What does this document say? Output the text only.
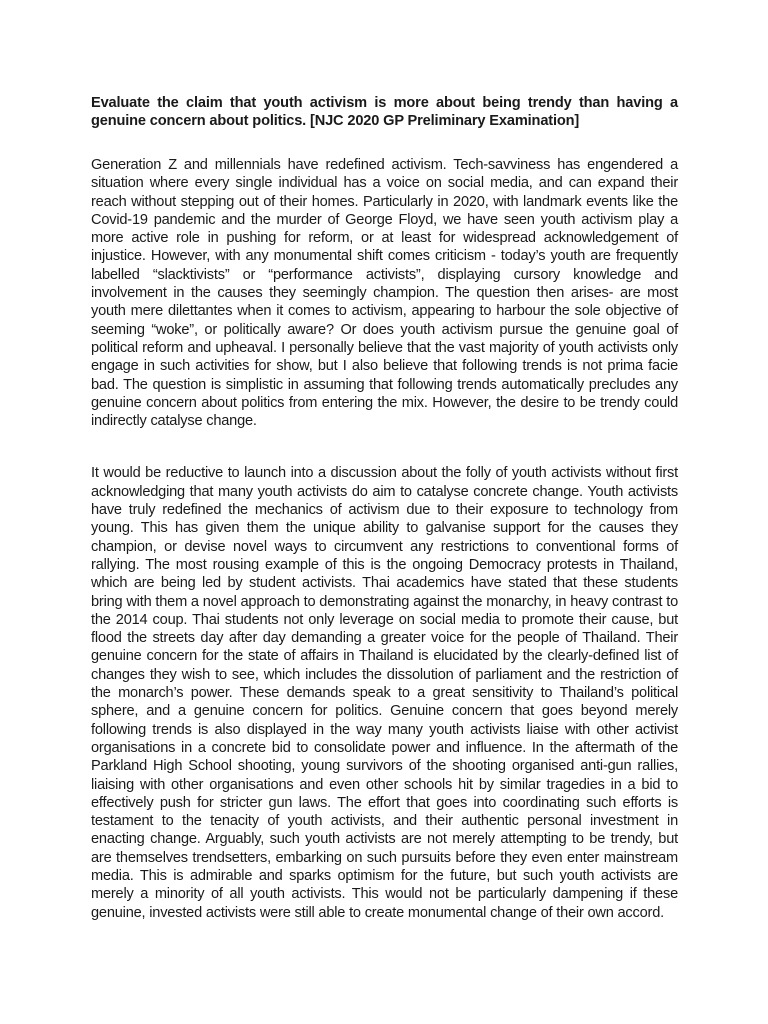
Evaluate the claim that youth activism is more about being trendy than having a genuine concern about politics. [NJC 2020 GP Preliminary Examination]

Generation Z and millennials have redefined activism. Tech-savviness has engendered a situation where every single individual has a voice on social media, and can expand their reach without stepping out of their homes. Particularly in 2020, with landmark events like the Covid-19 pandemic and the murder of George Floyd, we have seen youth activism play a more active role in pushing for reform, or at least for widespread acknowledgement of injustice. However, with any monumental shift comes criticism - today’s youth are frequently labelled “slacktivists” or “performance activists”, displaying cursory knowledge and involvement in the causes they seemingly champion. The question then arises- are most youth mere dilettantes when it comes to activism, appearing to harbour the sole objective of seeming “woke”, or politically aware? Or does youth activism pursue the genuine goal of political reform and upheaval. I personally believe that the vast majority of youth activists only engage in such activities for show, but I also believe that following trends is not prima facie bad. The question is simplistic in assuming that following trends automatically precludes any genuine concern about politics from entering the mix. However, the desire to be trendy could indirectly catalyse change.

It would be reductive to launch into a discussion about the folly of youth activists without first acknowledging that many youth activists do aim to catalyse concrete change. Youth activists have truly redefined the mechanics of activism due to their exposure to technology from young. This has given them the unique ability to galvanise support for the causes they champion, or devise novel ways to circumvent any restrictions to conventional forms of rallying. The most rousing example of this is the ongoing Democracy protests in Thailand, which are being led by student activists. Thai academics have stated that these students bring with them a novel approach to demonstrating against the monarchy, in heavy contrast to the 2014 coup. Thai students not only leverage on social media to promote their cause, but flood the streets day after day demanding a greater voice for the people of Thailand. Their genuine concern for the state of affairs in Thailand is elucidated by the clearly-defined list of changes they wish to see, which includes the dissolution of parliament and the restriction of the monarch’s power. These demands speak to a great sensitivity to Thailand’s political sphere, and a genuine concern for politics. Genuine concern that goes beyond merely following trends is also displayed in the way many youth activists liaise with other activist organisations in a concrete bid to consolidate power and influence. In the aftermath of the Parkland High School shooting, young survivors of the shooting organised anti-gun rallies, liaising with other organisations and even other schools hit by similar tragedies in a bid to effectively push for stricter gun laws. The effort that goes into coordinating such efforts is testament to the tenacity of youth activists, and their authentic personal investment in enacting change. Arguably, such youth activists are not merely attempting to be trendy, but are themselves trendsetters, embarking on such pursuits before they even enter mainstream media. This is admirable and sparks optimism for the future, but such youth activists are merely a minority of all youth activists. This would not be particularly dampening if these genuine, invested activists were still able to create monumental change of their own accord.
